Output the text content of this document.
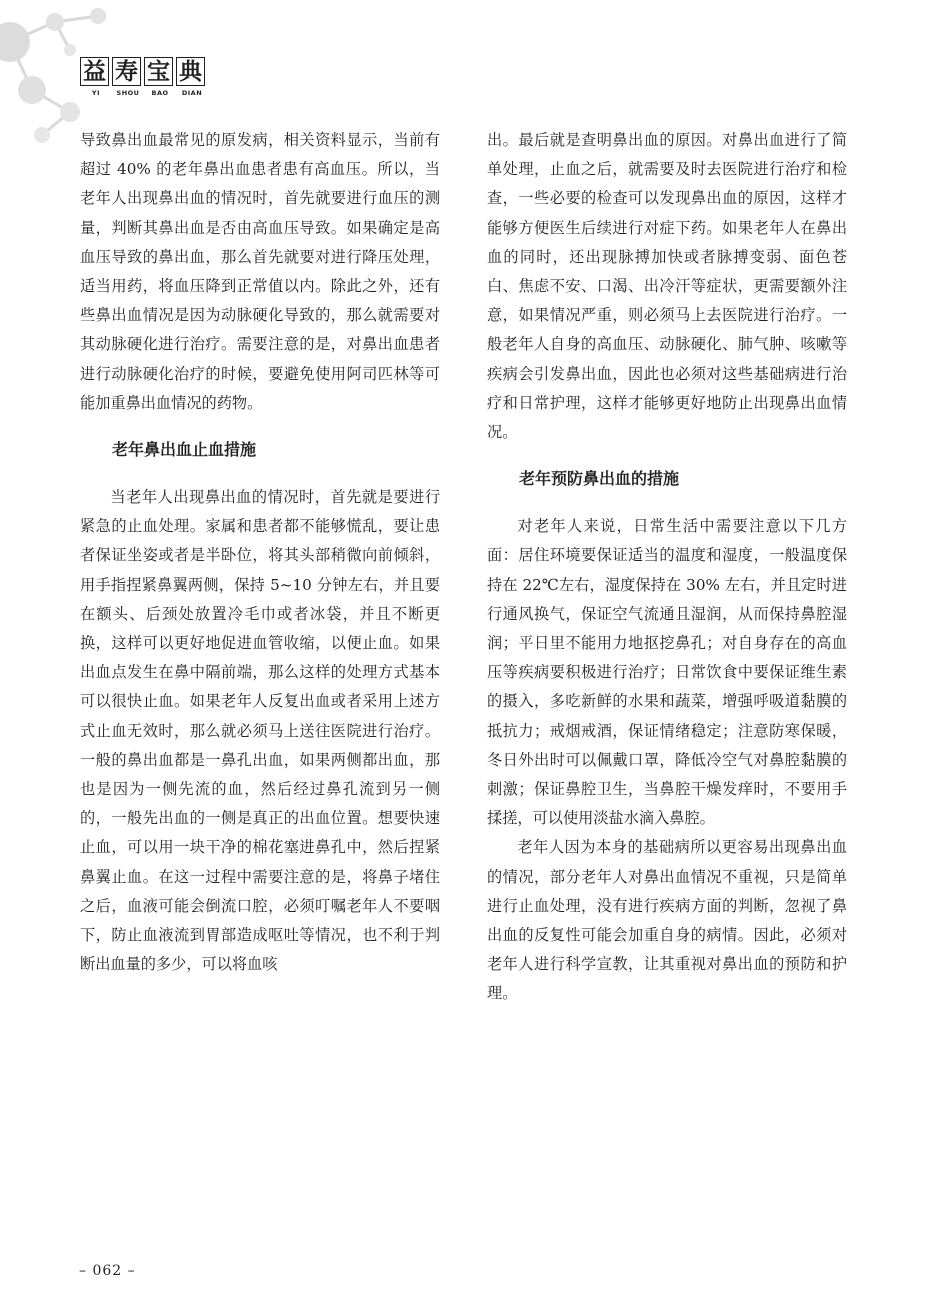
益 寿 宝 典
YI	SHOU	BAO	DIAN

导致鼻出血最常见的原发病，相关资料显示，当前有超过 40% 的老年鼻出血患者患有高血压。所以，当老年人出现鼻出血的情况时，首先就要进行血压的测量，判断其鼻出血是否由高血压导致。如果确定是高血压导致的鼻出血，那么首先就要对进行降压处理，适当用药，将血压降到正常值以内。除此之外，还有些鼻出血情况是因为动脉硬化导致的，那么就需要对其动脉硬化进行治疗。需要注意的是，对鼻出血患者进行动脉硬化治疗的时候，要避免使用阿司匹林等可能加重鼻出血情况的药物。

老年鼻出血止血措施

当老年人出现鼻出血的情况时，首先就是要进行紧急的止血处理。家属和患者都不能够慌乱，要让患者保证坐姿或者是半卧位，将其头部稍微向前倾斜，用手指捏紧鼻翼两侧，保持 5~10 分钟左右，并且要在额头、后颈处放置冷毛巾或者冰袋，并且不断更换，这样可以更好地促进血管收缩，以便止血。如果出血点发生在鼻中隔前端，那么这样的处理方式基本可以很快止血。如果老年人反复出血或者采用上述方式止血无效时，那么就必须马上送往医院进行治疗。一般的鼻出血都是一鼻孔出血，如果两侧都出血，那也是因为一侧先流的血，然后经过鼻孔流到另一侧的，一般先出血的一侧是真正的出血位置。想要快速止血，可以用一块干净的棉花塞进鼻孔中，然后捏紧鼻翼止血。在这一过程中需要注意的是，将鼻子堵住之后，血液可能会倒流口腔，必须叮嘱老年人不要咽下，防止血液流到胃部造成呕吐等情况，也不利于判断出血量的多少，可以将血咳

出。最后就是查明鼻出血的原因。对鼻出血进行了简单处理，止血之后，就需要及时去医院进行治疗和检查，一些必要的检查可以发现鼻出血的原因，这样才能够方便医生后续进行对症下药。如果老年人在鼻出血的同时，还出现脉搏加快或者脉搏变弱、面色苍白、焦虑不安、口渴、出冷汗等症状，更需要额外注意，如果情况严重，则必须马上去医院进行治疗。一般老年人自身的高血压、动脉硬化、肺气肿、咳嗽等疾病会引发鼻出血，因此也必须对这些基础病进行治疗和日常护理，这样才能够更好地防止出现鼻出血情况。

老年预防鼻出血的措施

对老年人来说，日常生活中需要注意以下几方面：居住环境要保证适当的温度和湿度，一般温度保持在 22℃左右，湿度保持在 30% 左右，并且定时进行通风换气，保证空气流通且湿润，从而保持鼻腔湿润；平日里不能用力地抠挖鼻孔；对自身存在的高血压等疾病要积极进行治疗；日常饮食中要保证维生素的摄入，多吃新鲜的水果和蔬菜，增强呼吸道黏膜的抵抗力；戒烟戒酒，保证情绪稳定；注意防寒保暖，冬日外出时可以佩戴口罩，降低冷空气对鼻腔黏膜的刺激；保证鼻腔卫生，当鼻腔干燥发痒时，不要用手揉搓，可以使用淡盐水滴入鼻腔。

老年人因为本身的基础病所以更容易出现鼻出血的情况，部分老年人对鼻出血情况不重视，只是简单进行止血处理，没有进行疾病方面的判断，忽视了鼻出血的反复性可能会加重自身的病情。因此，必须对老年人进行科学宣教，让其重视对鼻出血的预防和护理。

– 062 –
